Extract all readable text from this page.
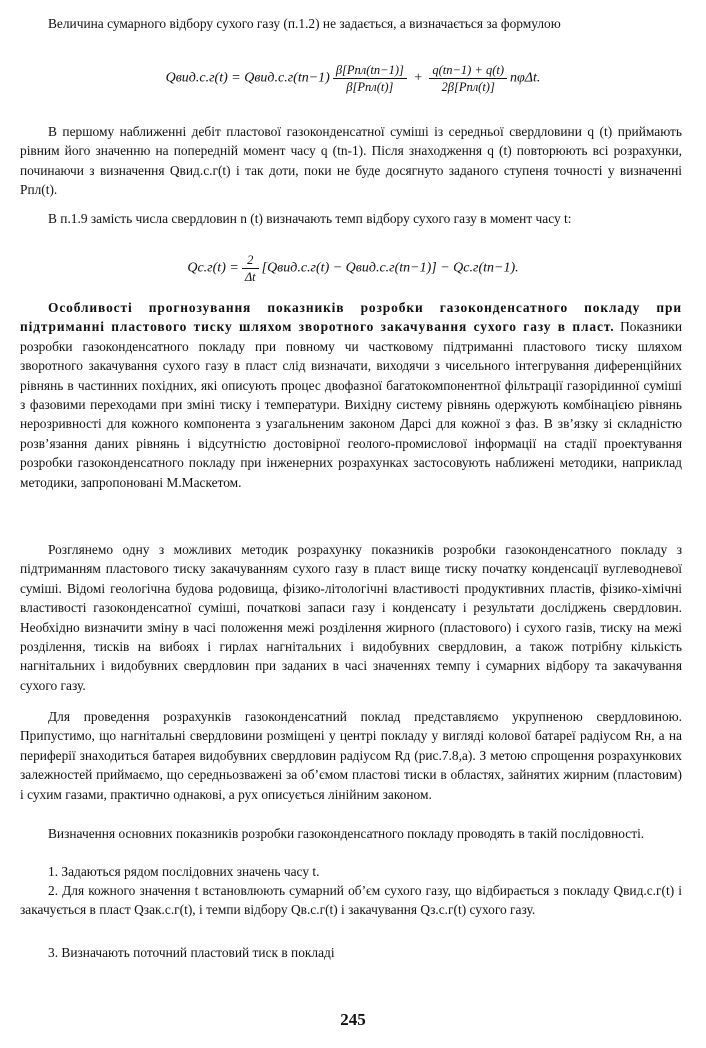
Величина сумарного відбору сухого газу (п.1.2) не задається, а визначається за формулою

Qвид.с.г(t) = Qвид.с.г(tn−1) $\frac{\text{β[Pпл(tn−1)]}}{\text{β[Pпл(t)]}} + \frac{q(tn-1) + q(t)}{\text{2β[Pпл(t)]}} n\varphi\Delta t$.

В першому наближенні дебіт пластової газоконденсатної суміші із середньої свердловини q (t) приймають рівним його значенню на попередній момент часу q (tn-1). Після знаходження q (t) повторюють всі розрахунки, починаючи з визначення Qвид.с.г(t) і так доти, поки не буде досягнуто заданого ступеня точності у визначенні Pпл(t).

В п.1.9 замість числа свердловин n (t) визначають темп відбору сухого газу в момент часу t:

$Qс.г(t) = \frac{2}{\Delta t}$ [Qвид.с.г(t) − Qвид.с.г(tn−1)] − Qс.г(tn−1).

Особливості прогнозування показників розробки газоконденсатного покладу при підтриманні пластового тиску шляхом зворотного закачування сухого газу в пласт. Показники розробки газоконденсатного покладу при повному чи частковому підтриманні пластового тиску шляхом зворотного закачування сухого газу в пласт слід визначати, виходячи з чисельного інтегрування диференційних рівнянь в частинних похідних, які описують процес двофазної багатокомпонентної фільтрації газорідинної суміші з фазовими переходами при зміні тиску і температури. Вихідну систему рівнянь одержують комбінацією рівнянь нерозривності для кожного компонента з узагальненим законом Дарсі для кожної з фаз. В зв’язку зі складністю розв’язання даних рівнянь і відсутністю достовірної геолого-промислової інформації на стадії проектування розробки газоконденсатного покладу при інженерних розрахунках застосовують наближені методики, наприклад методики, запропоновані М.Маскетом.

Розглянемо одну з можливих методик розрахунку показників розробки газоконденсатного покладу з підтриманням пластового тиску закачуванням сухого газу в пласт вище тиску початку конденсації вуглеводневої суміші. Відомі геологічна будова родовища, фізико-літологічні властивості продуктивних пластів, фізико-хімічні властивості газоконденсатної суміші, початкові запаси газу і конденсату і результати досліджень свердловин. Необхідно визначити зміну в часі положення межі розділення жирного (пластового) і сухого газів, тиску на межі розділення, тисків на вибоях і гирлах нагнітальних і видобувних свердловин, а також потрібну кількість нагнітальних і видобувних свердловин при заданих в часі значеннях темпу і сумарних відбору та закачування сухого газу.

Для проведення розрахунків газоконденсатний поклад представляємо укрупненою свердловиною. Припустимо, що нагнітальні свердловини розміщені у центрі покладу у вигляді колової батареї радіусом Rн, а на периферії знаходиться батарея видобувних свердловин радіусом Rд (рис.7.8,а). З метою спрощення розрахункових залежностей приймаємо, що середньозважені за об’ємом пластові тиски в областях, зайнятих жирним (пластовим) і сухим газами, практично однакові, а рух описується лінійним законом.

Визначення основних показників розробки газоконденсатного покладу проводять в такій послідовності.

1. Задаються рядом послідовних значень часу t.

2. Для кожного значення t встановлюють сумарний об’єм сухого газу, що відбирається з покладу Qвид.с.г(t) і закачується в пласт Qзак.с.г(t), і темпи відбору Qв.с.г(t) і закачування Qз.с.г(t) сухого газу.

3. Визначають поточний пластовий тиск в покладі

245
